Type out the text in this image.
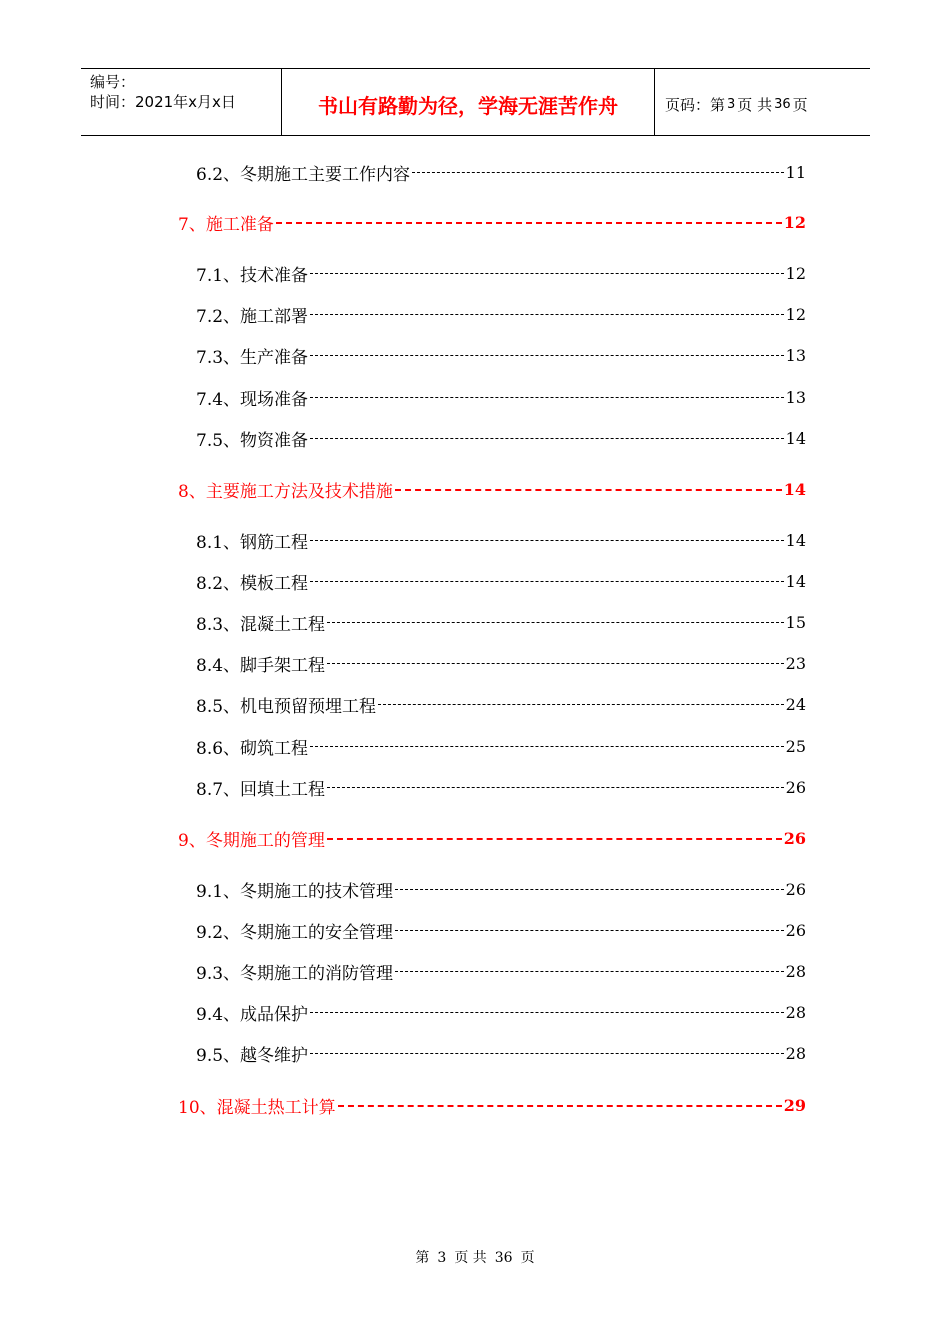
编号：
时间：2021年x月x日	书山有路勤为径，学海无涯苦作舟	页码：第 3 页 共 36 页
6.2、冬期施工主要工作内容	11
7、施工准备	12
7.1、技术准备	12
7.2、施工部署	12
7.3、生产准备	13
7.4、现场准备	13
7.5、物资准备	14
8、主要施工方法及技术措施	14
8.1、钢筋工程	14
8.2、模板工程	14
8.3、混凝土工程	15
8.4、脚手架工程	23
8.5、机电预留预埋工程	24
8.6、砌筑工程	25
8.7、回填土工程	26
9、冬期施工的管理	26
9.1、冬期施工的技术管理	26
9.2、冬期施工的安全管理	26
9.3、冬期施工的消防管理	28
9.4、成品保护	28
9.5、越冬维护	28
10、混凝土热工计算	29
第 3 页 共 36 页
